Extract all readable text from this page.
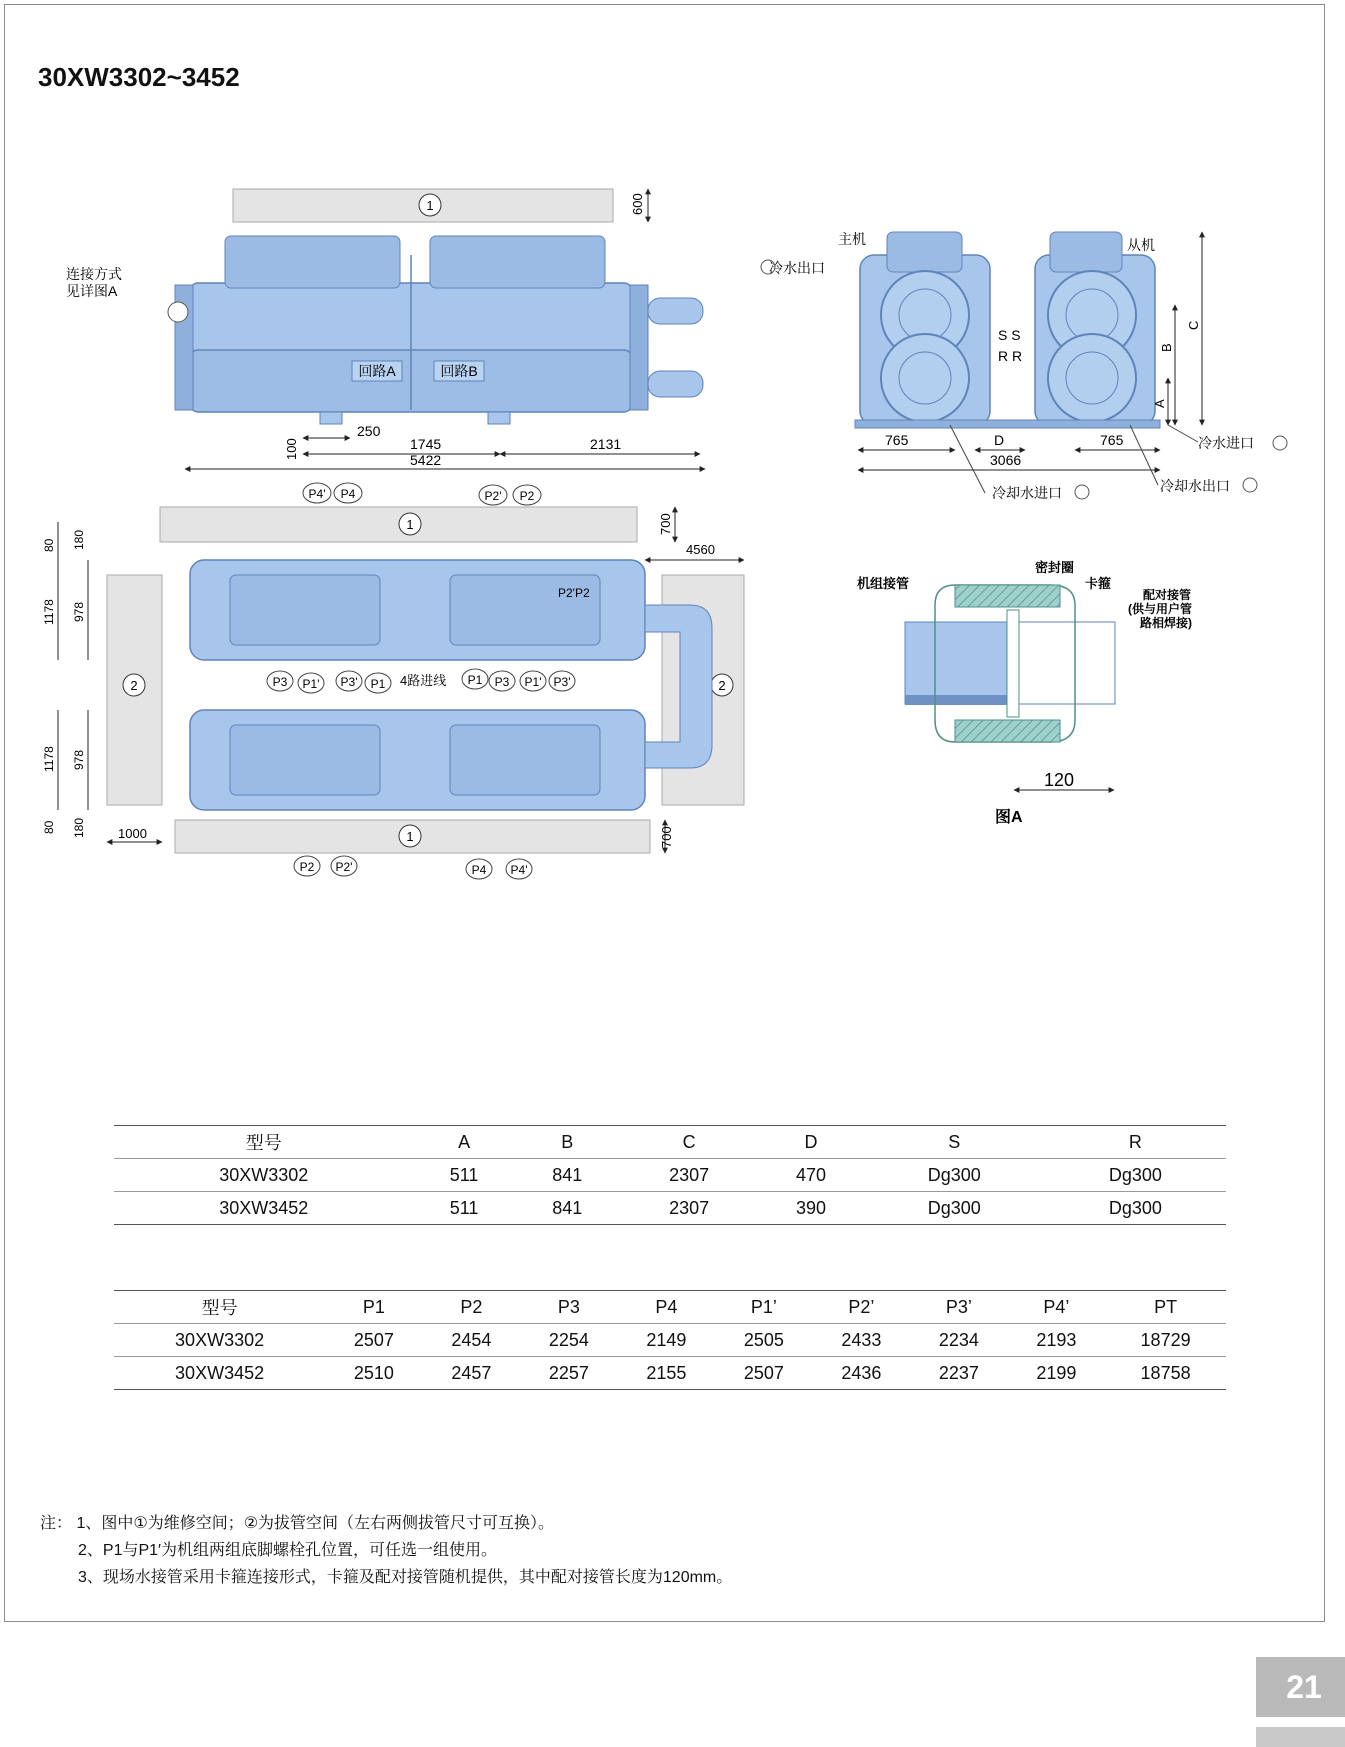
30XW3302~3452
1	600
回路A	回路B
连接方式
见详图A
250
1745	2131
5422
100
主机	从机
冷水出口
S S
R R
C
B
A
765	D	765
3066
冷水进口
冷却水进口	冷却水出口
1
1
2	2
P2'P2
4路进线
P4' P4	P2' P2
P3 P1' P3' P1	P1 P3 P1' P3'
P2 P2'	P4 P4'
700
700
4560
1000
80 180
1178 978
1178 978
80 180
密封圈
机组接管	卡箍
配对接管
(供与用户管
路相焊接)
120
图A
型号	A	B	C	D	S	R
30XW3302	511	841	2307	470	Dg300	Dg300
30XW3452	511	841	2307	390	Dg300	Dg300
型号	P1	P2	P3	P4	P1’	P2’	P3’	P4’	PT
30XW3302	2507	2454	2254	2149	2505	2433	2234	2193	18729
30XW3452	2510	2457	2257	2155	2507	2436	2237	2199	18758
注： 1、图中①为维修空间；②为拔管空间（左右两侧拔管尺寸可互换）。
2、P1与P1′为机组两组底脚螺栓孔位置，可任选一组使用。
3、现场水接管采用卡箍连接形式，卡箍及配对接管随机提供，其中配对接管长度为120mm。
21
